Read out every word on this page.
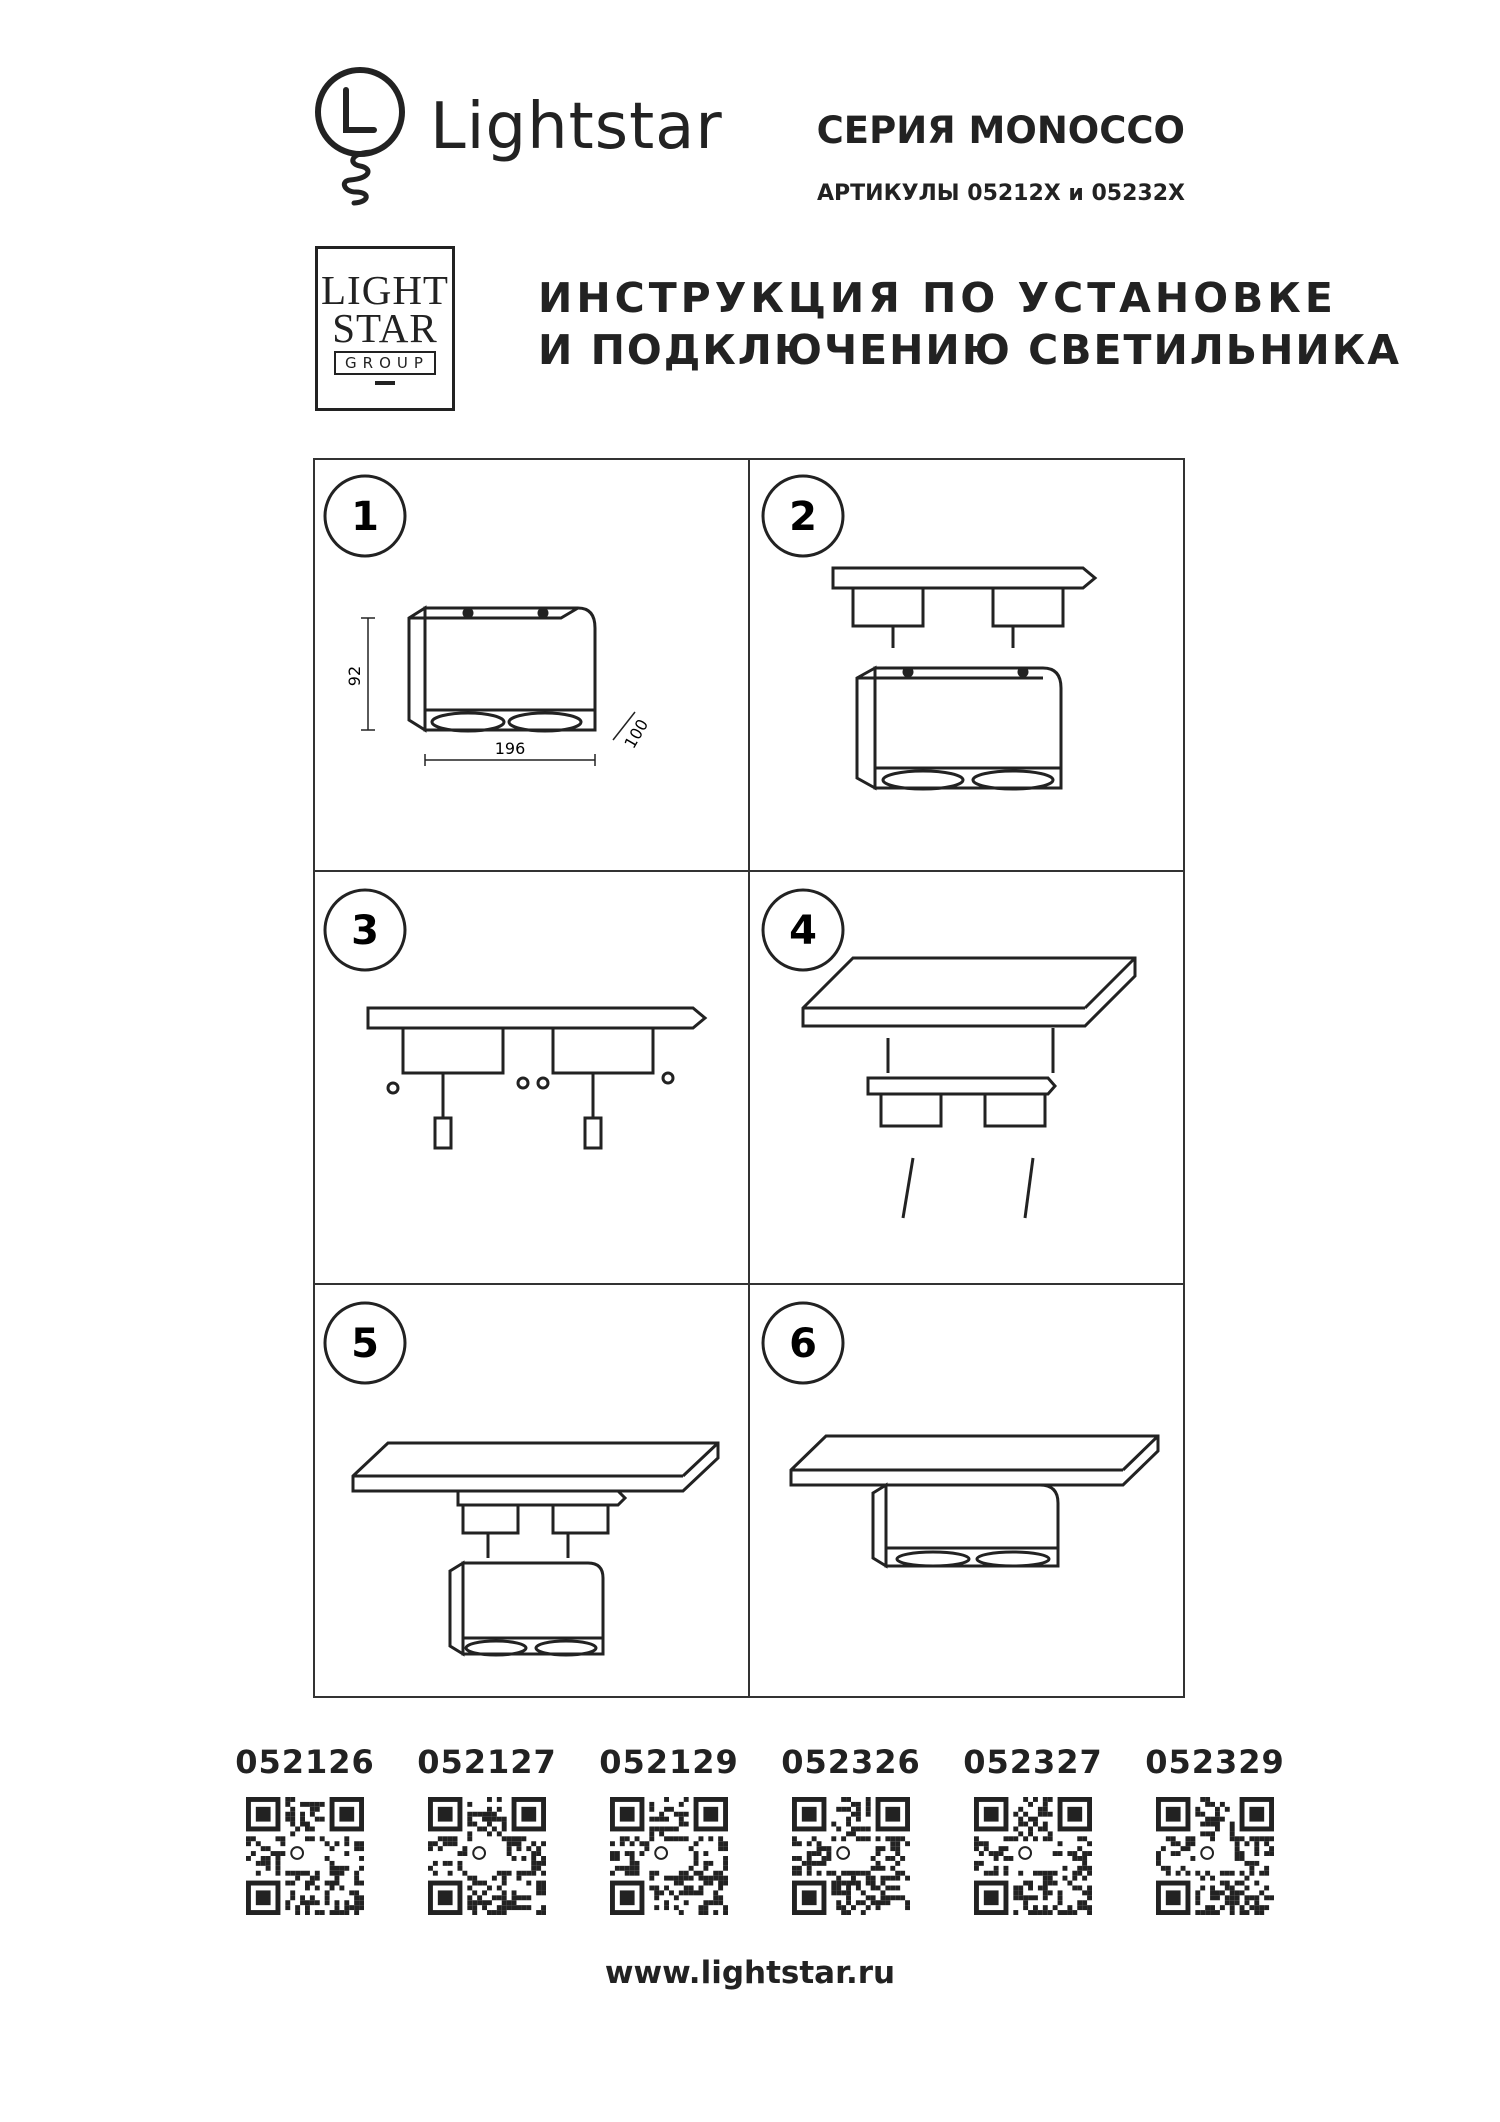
Lightstar	СЕРИЯ MONOCCO
АРТИКУЛЫ 05212X и 05232X
LIGHT
STAR
GROUP
ИНСТРУКЦИЯ ПО УСТАНОВКЕ
И ПОДКЛЮЧЕНИЮ СВЕТИЛЬНИКА
1
92
196	100
2
3	4
5	6
052126 052127 052129 052326 052327 052329
www.lightstar.ru
